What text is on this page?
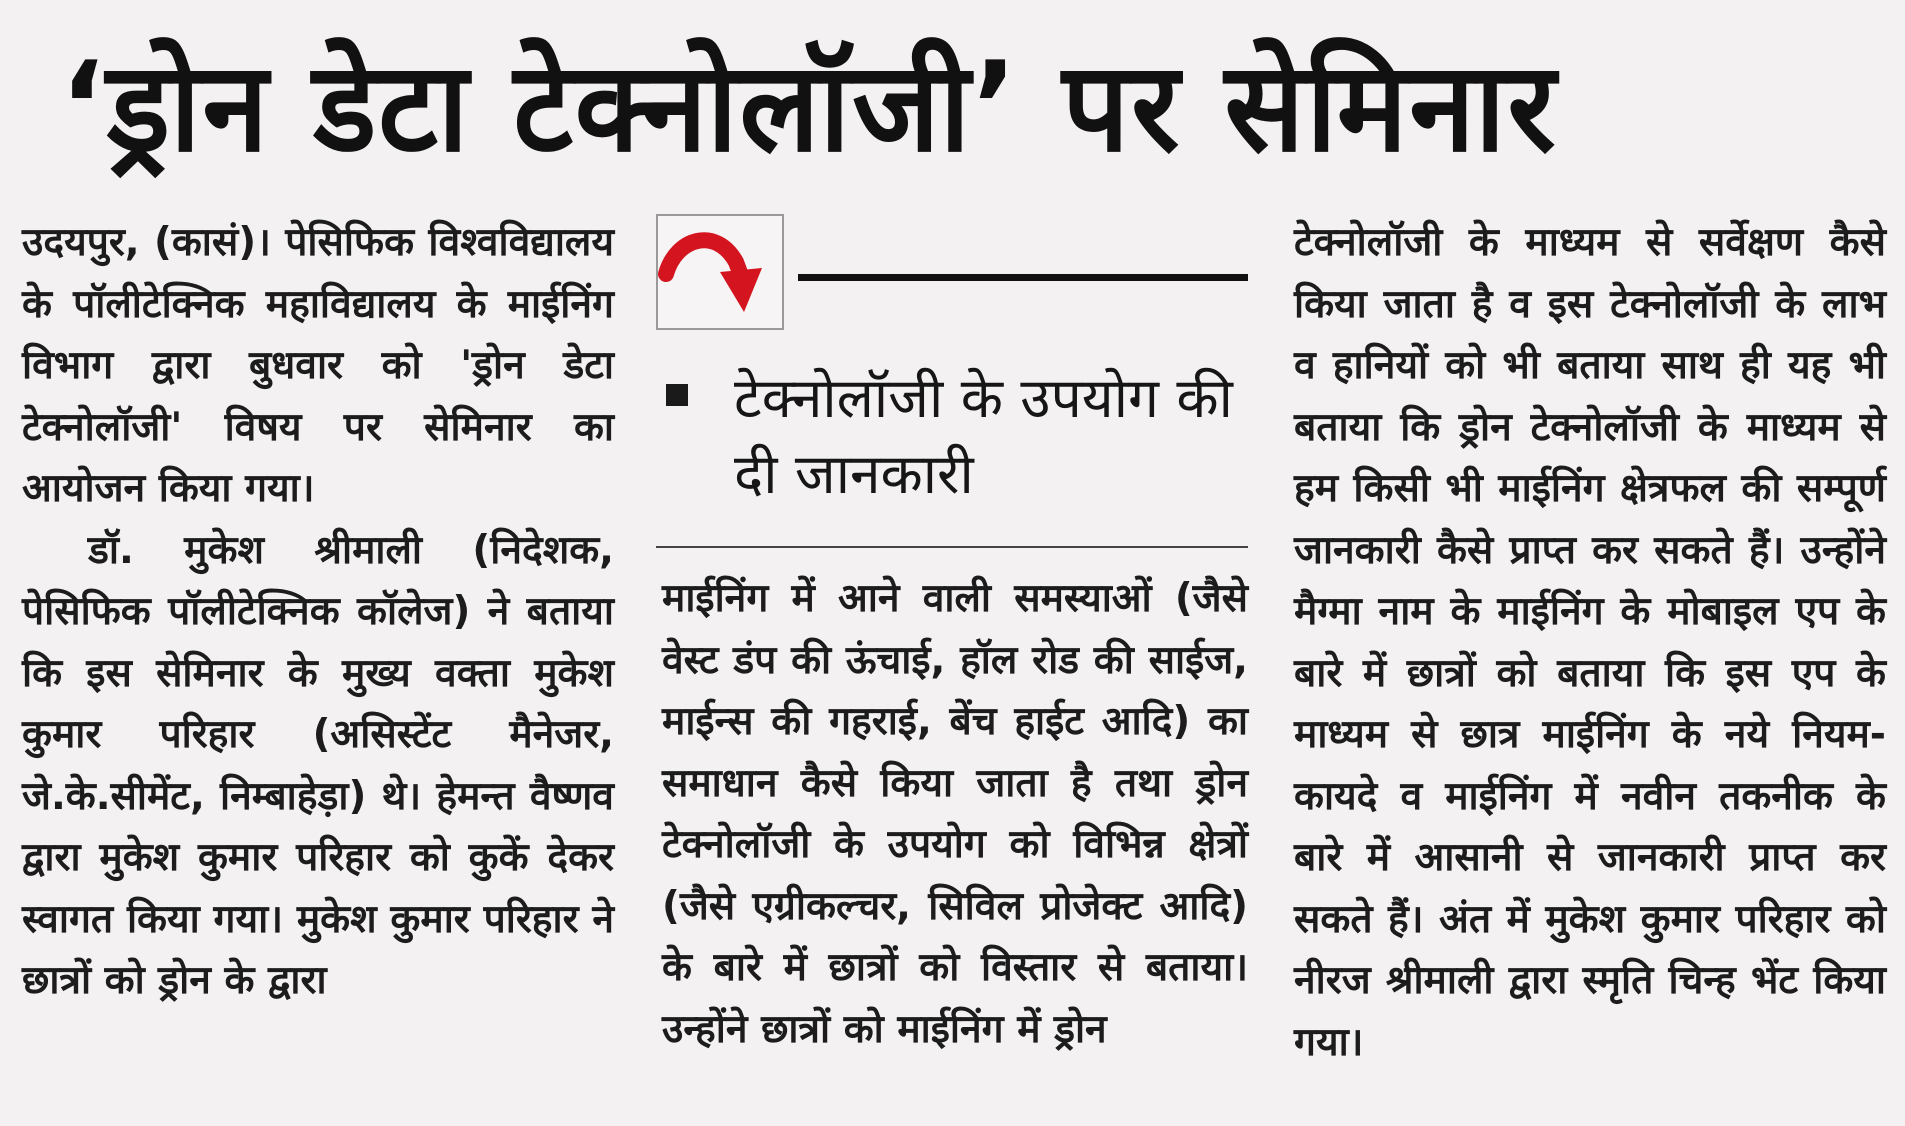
‘ड्रोन डेटा टेक्नोलॉजी’ पर सेमिनार

उदयपुर, (कासं)। पेसिफिक विश्वविद्यालय के पॉलीटेक्निक महाविद्यालय के माईनिंग विभाग द्वारा बुधवार को 'ड्रोन डेटा टेक्नोलॉजी' विषय पर सेमिनार का आयोजन किया गया।

डॉ. मुकेश श्रीमाली (निदेशक, पेसिफिक पॉलीटेक्निक कॉलेज) ने बताया कि इस सेमिनार के मुख्य वक्ता मुकेश कुमार परिहार (असिस्टेंट मैनेजर, जे.के.सीमेंट, निम्बाहेड़ा) थे। हेमन्त वैष्णव द्वारा मुकेश कुमार परिहार को कुकें देकर स्वागत किया गया। मुकेश कुमार परिहार ने छात्रों को ड्रोन के द्वारा

टेक्नोलॉजी के उपयोग की दी जानकारी

माईनिंग में आने वाली समस्याओं (जैसे वेस्ट डंप की ऊंचाई, हॉल रोड की साईज, माईन्स की गहराई, बेंच हाईट आदि) का समाधान कैसे किया जाता है तथा ड्रोन टेक्नोलॉजी के उपयोग को विभिन्न क्षेत्रों (जैसे एग्रीकल्चर, सिविल प्रोजेक्ट आदि) के बारे में छात्रों को विस्तार से बताया। उन्होंने छात्रों को माईनिंग में ड्रोन

टेक्नोलॉजी के माध्यम से सर्वेक्षण कैसे किया जाता है व इस टेक्नोलॉजी के लाभ व हानियों को भी बताया साथ ही यह भी बताया कि ड्रोन टेक्नोलॉजी के माध्यम से हम किसी भी माईनिंग क्षेत्रफल की सम्पूर्ण जानकारी कैसे प्राप्त कर सकते हैं। उन्होंने मैग्मा नाम के माईनिंग के मोबाइल एप के बारे में छात्रों को बताया कि इस एप के माध्यम से छात्र माईनिंग के नये नियम-कायदे व माईनिंग में नवीन तकनीक के बारे में आसानी से जानकारी प्राप्त कर सकते हैं। अंत में मुकेश कुमार परिहार को नीरज श्रीमाली द्वारा स्मृति चिन्ह भेंट किया गया।
